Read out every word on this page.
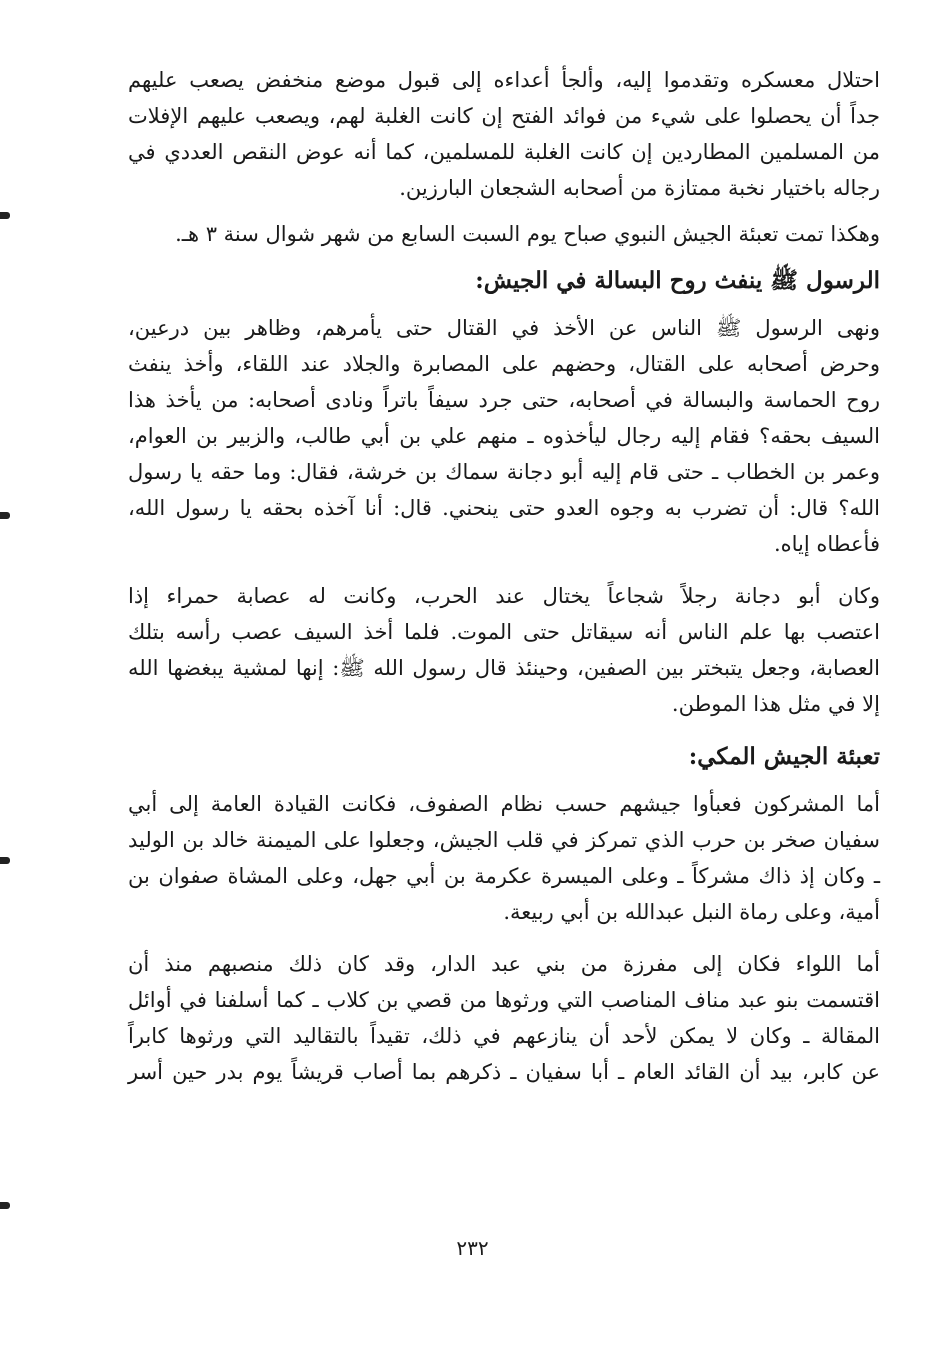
احتلال معسكره وتقدموا إليه، وألجأ أعداءه إلى قبول موضع منخفض يصعب عليهم
جداً أن يحصلوا على شيء من فوائد الفتح إن كانت الغلبة لهم، ويصعب عليهم الإفلات
من المسلمين المطاردين إن كانت الغلبة للمسلمين، كما أنه عوض النقص العددي في
رجاله باختيار نخبة ممتازة من أصحابه الشجعان البارزين.
وهكذا تمت تعبئة الجيش النبوي صباح يوم السبت السابع من شهر شوال سنة ٣ هـ.
الرسول ﷺ ينفث روح البسالة في الجيش:
ونهى الرسول ﷺ الناس عن الأخذ في القتال حتى يأمرهم، وظاهر بين درعين،
وحرض أصحابه على القتال، وحضهم على المصابرة والجلاد عند اللقاء، وأخذ ينفث
روح الحماسة والبسالة في أصحابه، حتى جرد سيفاً باتراً ونادى أصحابه: من يأخذ هذا
السيف بحقه؟ فقام إليه رجال ليأخذوه ـ منهم علي بن أبي طالب، والزبير بن العوام،
وعمر بن الخطاب ـ حتى قام إليه أبو دجانة سماك بن خرشة، فقال: وما حقه يا رسول
الله؟ قال: أن تضرب به وجوه العدو حتى ينحني. قال: أنا آخذه بحقه يا رسول الله،
فأعطاه إياه.
وكان أبو دجانة رجلاً شجاعاً يختال عند الحرب، وكانت له عصابة حمراء إذا
اعتصب بها علم الناس أنه سيقاتل حتى الموت. فلما أخذ السيف عصب رأسه بتلك
العصابة، وجعل يتبختر بين الصفين، وحينئذ قال رسول الله ﷺ: إنها لمشية يبغضها الله
إلا في مثل هذا الموطن.
تعبئة الجيش المكي:
أما المشركون فعبأوا جيشهم حسب نظام الصفوف، فكانت القيادة العامة إلى أبي
سفيان صخر بن حرب الذي تمركز في قلب الجيش، وجعلوا على الميمنة خالد بن الوليد
ـ وكان إذ ذاك مشركاً ـ وعلى الميسرة عكرمة بن أبي جهل، وعلى المشاة صفوان بن
أمية، وعلى رماة النبل عبدالله بن أبي ربيعة.
أما اللواء فكان إلى مفرزة من بني عبد الدار، وقد كان ذلك منصبهم منذ أن
اقتسمت بنو عبد مناف المناصب التي ورثوها من قصي بن كلاب ـ كما أسلفنا في أوائل
المقالة ـ وكان لا يمكن لأحد أن ينازعهم في ذلك، تقيداً بالتقاليد التي ورثوها كابراً
عن كابر، بيد أن القائد العام ـ أبا سفيان ـ ذكرهم بما أصاب قريشاً يوم بدر حين أسر
٢٣٢
